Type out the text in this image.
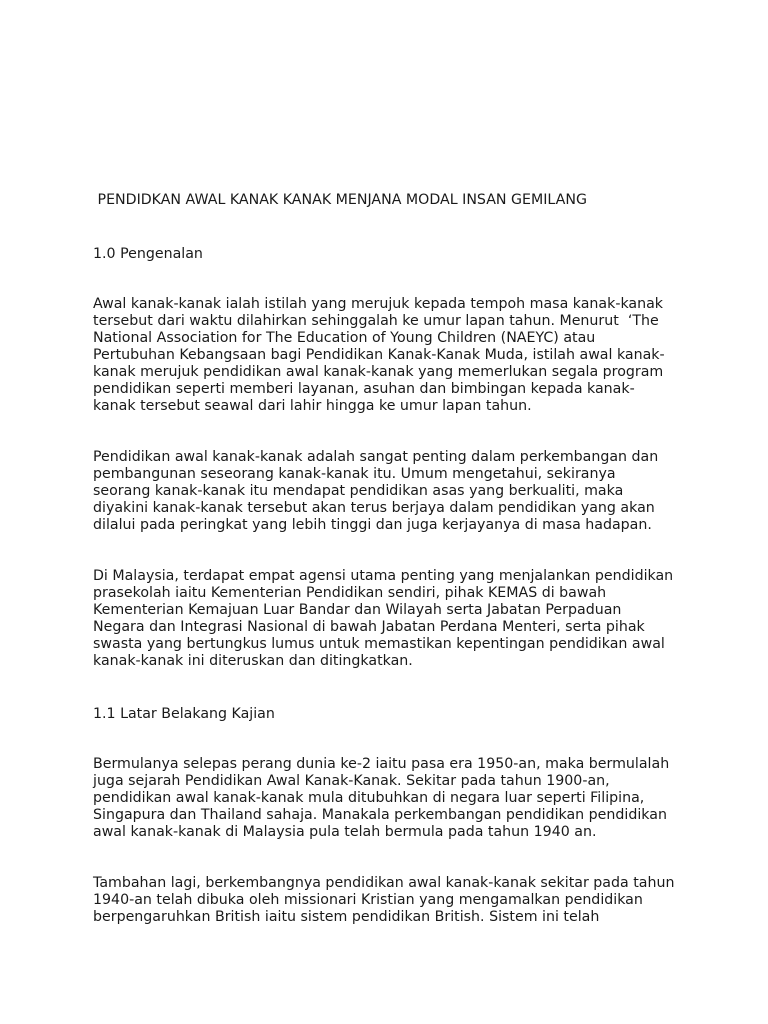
PENDIDKAN AWAL KANAK KANAK MENJANA MODAL INSAN GEMILANG
1.0 Pengenalan

Awal kanak-kanak ialah istilah yang merujuk kepada tempoh masa kanak-kanak
tersebut dari waktu dilahirkan sehinggalah ke umur lapan tahun. Menurut  ‘The
National Association for The Education of Young Children (NAEYC) atau
Pertubuhan Kebangsaan bagi Pendidikan Kanak-Kanak Muda, istilah awal kanak-
kanak merujuk pendidikan awal kanak-kanak yang memerlukan segala program
pendidikan seperti memberi layanan, asuhan dan bimbingan kepada kanak-
kanak tersebut seawal dari lahir hingga ke umur lapan tahun.

Pendidikan awal kanak-kanak adalah sangat penting dalam perkembangan dan
pembangunan seseorang kanak-kanak itu. Umum mengetahui, sekiranya
seorang kanak-kanak itu mendapat pendidikan asas yang berkualiti, maka
diyakini kanak-kanak tersebut akan terus berjaya dalam pendidikan yang akan
dilalui pada peringkat yang lebih tinggi dan juga kerjayanya di masa hadapan.

Di Malaysia, terdapat empat agensi utama penting yang menjalankan pendidikan
prasekolah iaitu Kementerian Pendidikan sendiri, pihak KEMAS di bawah
Kementerian Kemajuan Luar Bandar dan Wilayah serta Jabatan Perpaduan
Negara dan Integrasi Nasional di bawah Jabatan Perdana Menteri, serta pihak
swasta yang bertungkus lumus untuk memastikan kepentingan pendidikan awal
kanak-kanak ini diteruskan dan ditingkatkan.

1.1 Latar Belakang Kajian

Bermulanya selepas perang dunia ke-2 iaitu pasa era 1950-an, maka bermulalah
juga sejarah Pendidikan Awal Kanak-Kanak. Sekitar pada tahun 1900-an,
pendidikan awal kanak-kanak mula ditubuhkan di negara luar seperti Filipina,
Singapura dan Thailand sahaja. Manakala perkembangan pendidikan pendidikan
awal kanak-kanak di Malaysia pula telah bermula pada tahun 1940 an.

Tambahan lagi, berkembangnya pendidikan awal kanak-kanak sekitar pada tahun
1940-an telah dibuka oleh missionari Kristian yang mengamalkan pendidikan
berpengaruhkan British iaitu sistem pendidikan British. Sistem ini telah
